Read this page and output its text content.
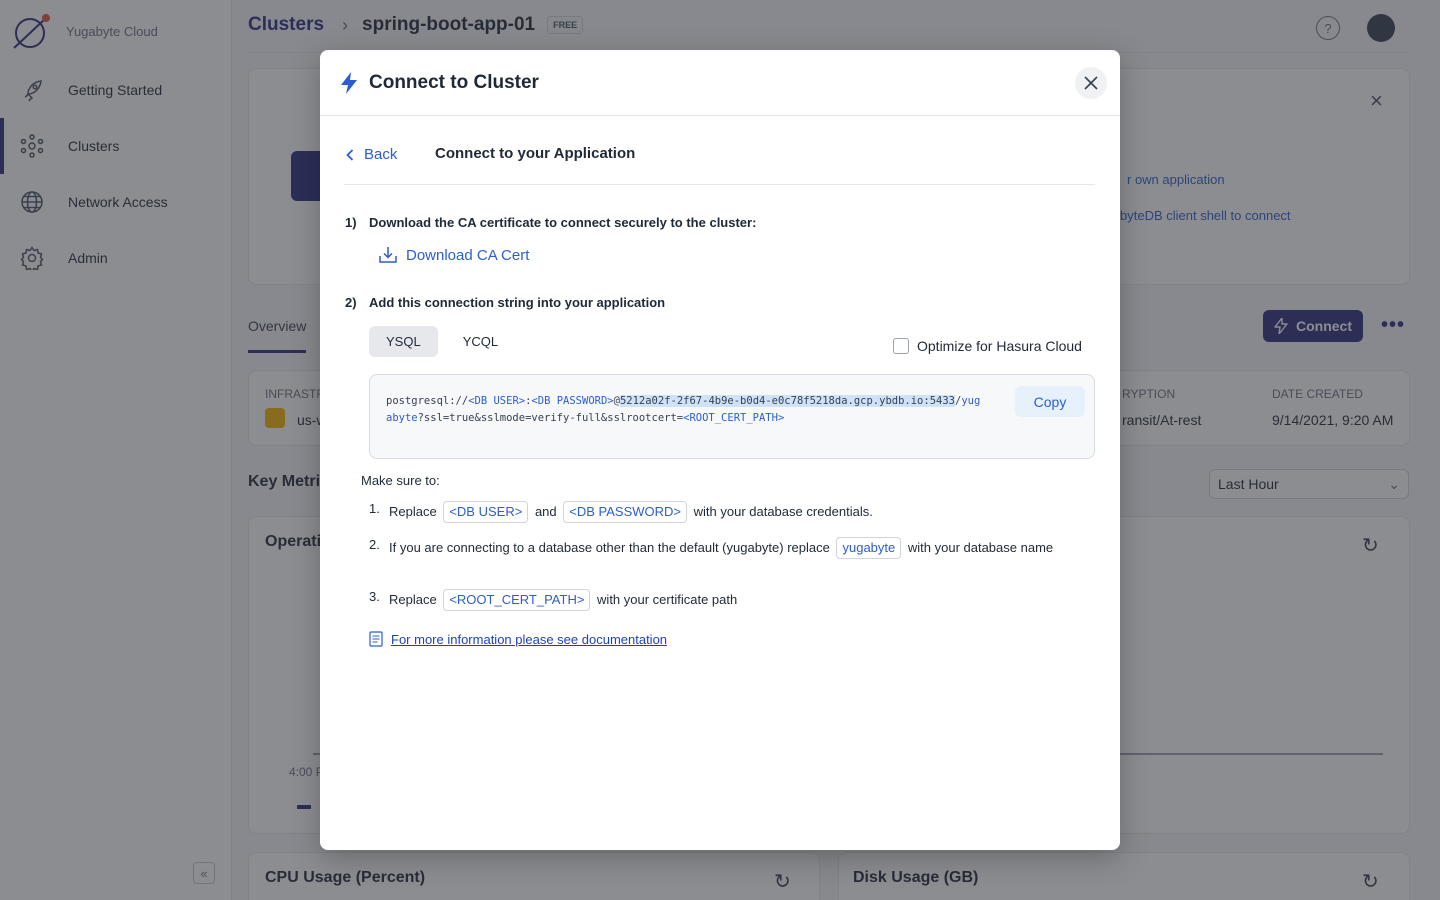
Connect to Cluster
Back	Connect to your Application
1) Download the CA certificate to connect securely to the cluster:
Download CA Cert
2) Add this connection string into your application
YSQL	YCQL	Optimize for Hasura Cloud
postgresql://<DB USER>:<DB PASSWORD>@5212a02f-2f67-4b9e-b0d4-e0c78f5218da.gcp.ybdb.io:5433/yugabyte?ssl=true&sslmode=verify-full&sslrootcert=<ROOT_CERT_PATH>
Copy
Make sure to:
1. Replace <DB USER> and <DB PASSWORD> with your database credentials.
2. If you are connecting to a database other than the default (yugabyte) replace yugabyte with your database name
3. Replace <ROOT_CERT_PATH> with your certificate path
For more information please see documentation
